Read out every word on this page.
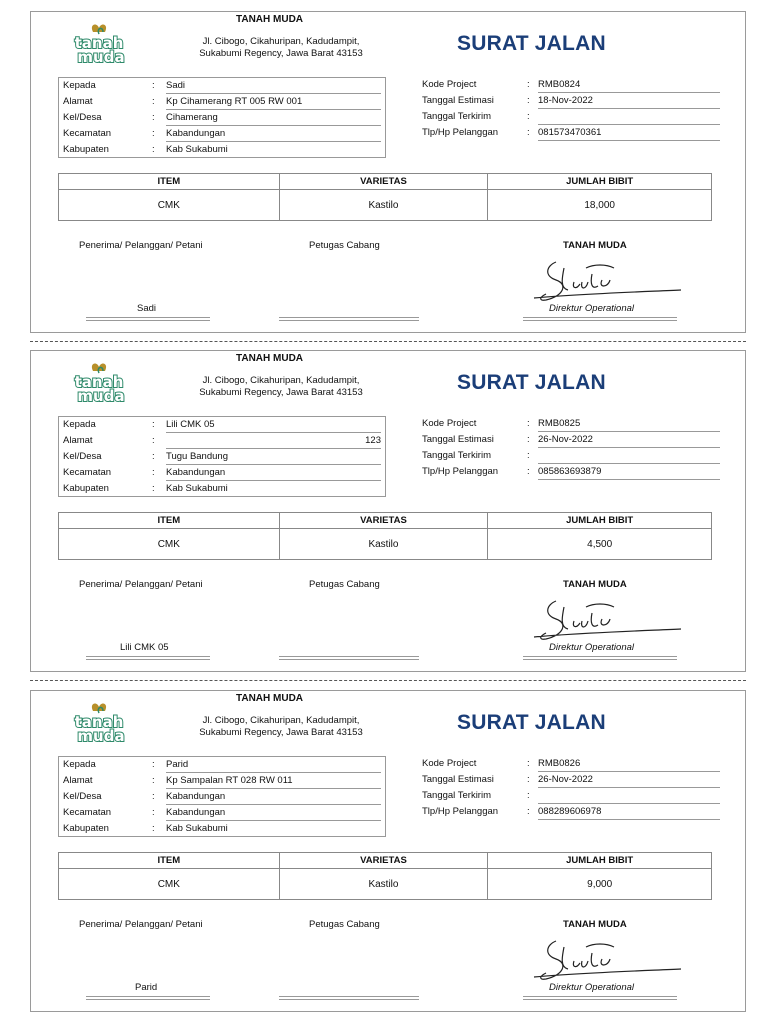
TANAH MUDA
tanah
muda
Jl. Cibogo, Cikahuripan, Kadudampit,
Sukabumi Regency, Jawa Barat 43153	SURAT JALAN
Kepada	: Sadi
Alamat	: Kp Cihamerang RT 005 RW 001
Kel/Desa	: Cihamerang
Kecamatan	: Kabandungan
Kabupaten	: Kab Sukabumi
Kode Project	: RMB0824
Tanggal Estimasi	: 18-Nov-2022
Tanggal Terkirim	:
Tlp/Hp Pelanggan	: 081573470361
ITEM	VARIETAS	JUMLAH BIBIT
CMK	Kastilo	18,000
Penerima/ Pelanggan/ Petani	Petugas Cabang	TANAH MUDA
Sadi	Direktur Operational
TANAH MUDA
tanah
muda
Jl. Cibogo, Cikahuripan, Kadudampit,
Sukabumi Regency, Jawa Barat 43153	SURAT JALAN
Kepada	: Lili CMK 05
Alamat	:	123
Kel/Desa	: Tugu Bandung
Kecamatan	: Kabandungan
Kabupaten	: Kab Sukabumi
Kode Project	: RMB0825
Tanggal Estimasi	: 26-Nov-2022
Tanggal Terkirim	:
Tlp/Hp Pelanggan	: 085863693879
ITEM	VARIETAS	JUMLAH BIBIT
CMK	Kastilo	4,500
Penerima/ Pelanggan/ Petani	Petugas Cabang	TANAH MUDA
Lili CMK 05	Direktur Operational
TANAH MUDA
tanah
muda
Jl. Cibogo, Cikahuripan, Kadudampit,
Sukabumi Regency, Jawa Barat 43153	SURAT JALAN
Kepada	: Parid
Alamat	: Kp Sampalan RT 028 RW 011
Kel/Desa	: Kabandungan
Kecamatan	: Kabandungan
Kabupaten	: Kab Sukabumi
Kode Project	: RMB0826
Tanggal Estimasi	: 26-Nov-2022
Tanggal Terkirim	:
Tlp/Hp Pelanggan	: 088289606978
ITEM	VARIETAS	JUMLAH BIBIT
CMK	Kastilo	9,000
Penerima/ Pelanggan/ Petani	Petugas Cabang	TANAH MUDA
Parid	Direktur Operational
